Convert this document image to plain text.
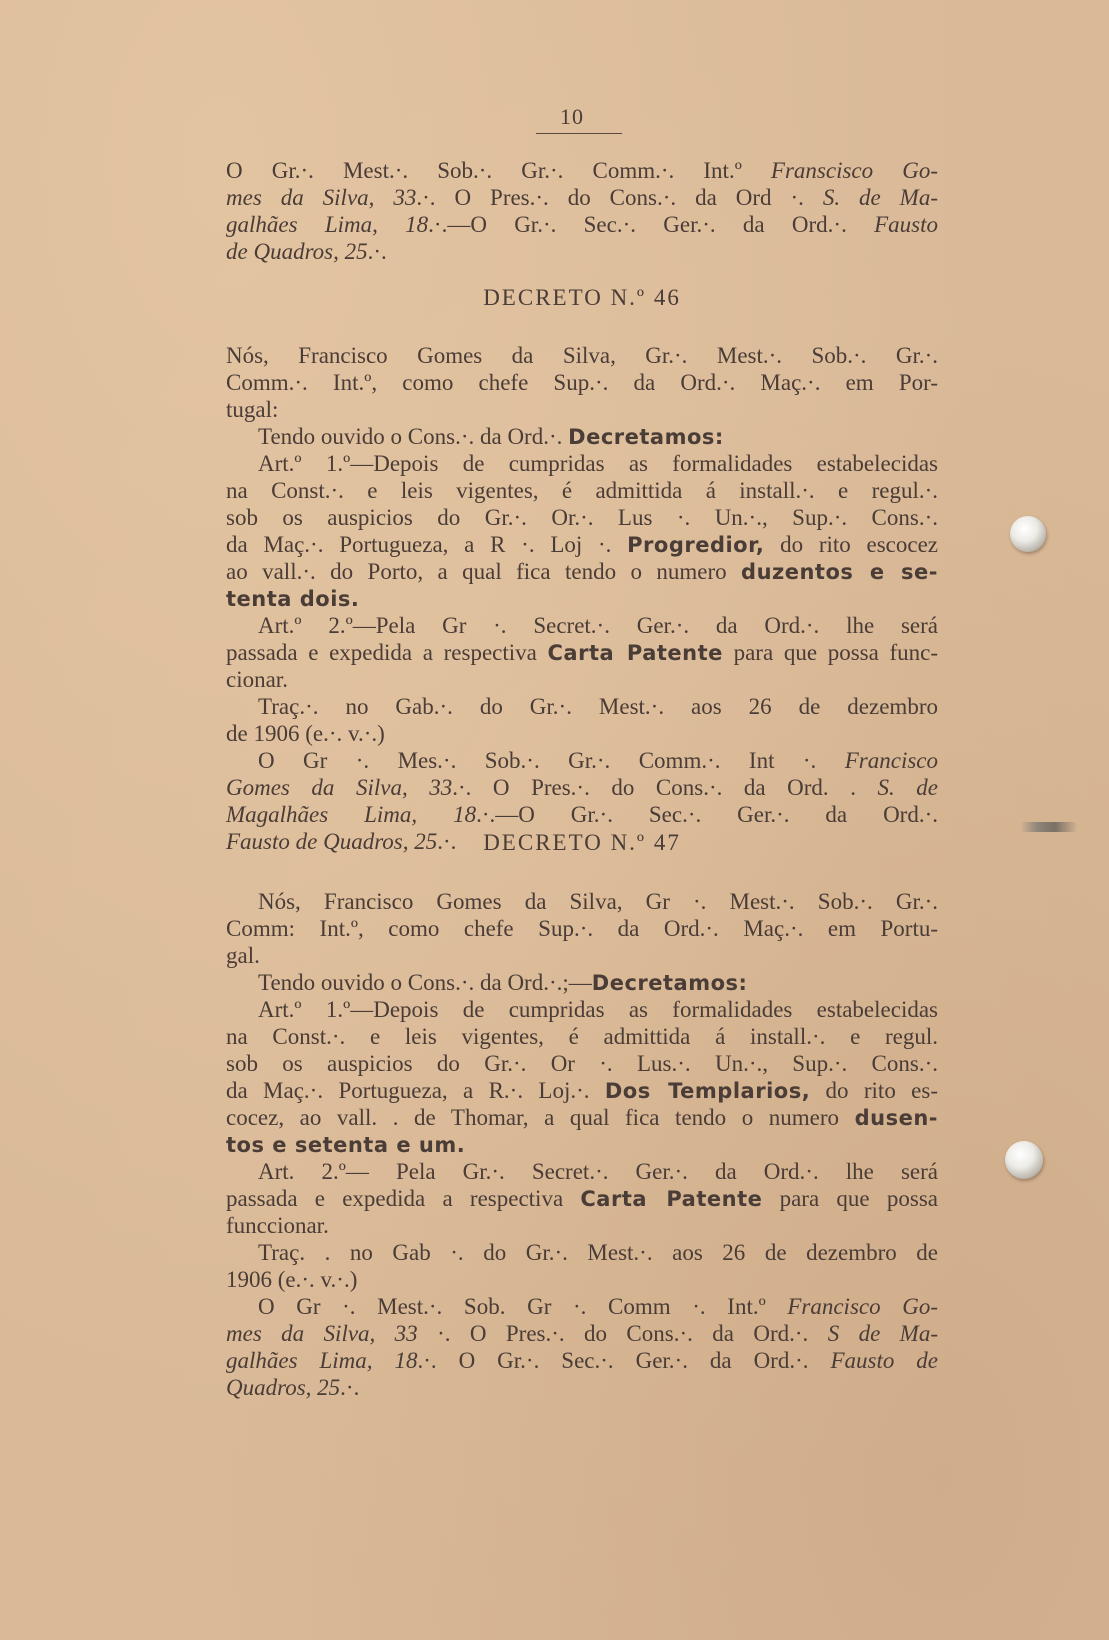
10
O Gr.·. Mest.·. Sob.·. Gr.·. Comm.·. Int.º Franscisco Go-
mes da Silva, 33.·. O Pres.·. do Cons.·. da Ord ·. S. de Ma-
galhães Lima, 18.·.—O Gr.·. Sec.·. Ger.·. da Ord.·. Fausto
de Quadros, 25.·.
DECRETO N.º 46
Nós, Francisco Gomes da Silva, Gr.·. Mest.·. Sob.·. Gr.·.
Comm.·. Int.º, como chefe Sup.·. da Ord.·. Maç.·. em Por-
tugal:
Tendo ouvido o Cons.·. da Ord.·. Decretamos:
Art.º 1.º—Depois de cumpridas as formalidades estabelecidas
na Const.·. e leis vigentes, é admittida á install.·. e regul.·.
sob os auspicios do Gr.·. Or.·. Lus ·. Un.·., Sup.·. Cons.·.
da Maç.·. Portugueza, a R ·. Loj ·. Progredior, do rito escocez
ao vall.·. do Porto, a qual fica tendo o numero duzentos e se-
tenta dois.
Art.º 2.º—Pela Gr ·. Secret.·. Ger.·. da Ord.·. lhe será
passada e expedida a respectiva Carta Patente para que possa func-
cionar.
Traç.·. no Gab.·. do Gr.·. Mest.·. aos 26 de dezembro
de 1906 (e.·. v.·.)
O Gr ·. Mes.·. Sob.·. Gr.·. Comm.·. Int ·. Francisco
Gomes da Silva, 33.·. O Pres.·. do Cons.·. da Ord. . S. de
Magalhães Lima, 18.·.—O Gr.·. Sec.·. Ger.·. da Ord.·.
Fausto de Quadros, 25.·.	DECRETO N.º 47
Nós, Francisco Gomes da Silva, Gr ·. Mest.·. Sob.·. Gr.·.
Comm: Int.º, como chefe Sup.·. da Ord.·. Maç.·. em Portu-
gal.
Tendo ouvido o Cons.·. da Ord.·.;—Decretamos:
Art.º 1.º—Depois de cumpridas as formalidades estabelecidas
na Const.·. e leis vigentes, é admittida á install.·. e regul.
sob os auspicios do Gr.·. Or ·. Lus.·. Un.·., Sup.·. Cons.·.
da Maç.·. Portugueza, a R.·. Loj.·. Dos Templarios, do rito es-
cocez, ao vall. . de Thomar, a qual fica tendo o numero dusen-
tos e setenta e um.
Art. 2.º— Pela Gr.·. Secret.·. Ger.·. da Ord.·. lhe será
passada e expedida a respectiva Carta Patente para que possa
funccionar.
Traç. . no Gab ·. do Gr.·. Mest.·. aos 26 de dezembro de
1906 (e.·. v.·.)
O Gr ·. Mest.·. Sob. Gr ·. Comm ·. Int.º Francisco Go-
mes da Silva, 33 ·. O Pres.·. do Cons.·. da Ord.·. S de Ma-
galhães Lima, 18.·. O Gr.·. Sec.·. Ger.·. da Ord.·. Fausto de
Quadros, 25.·.
